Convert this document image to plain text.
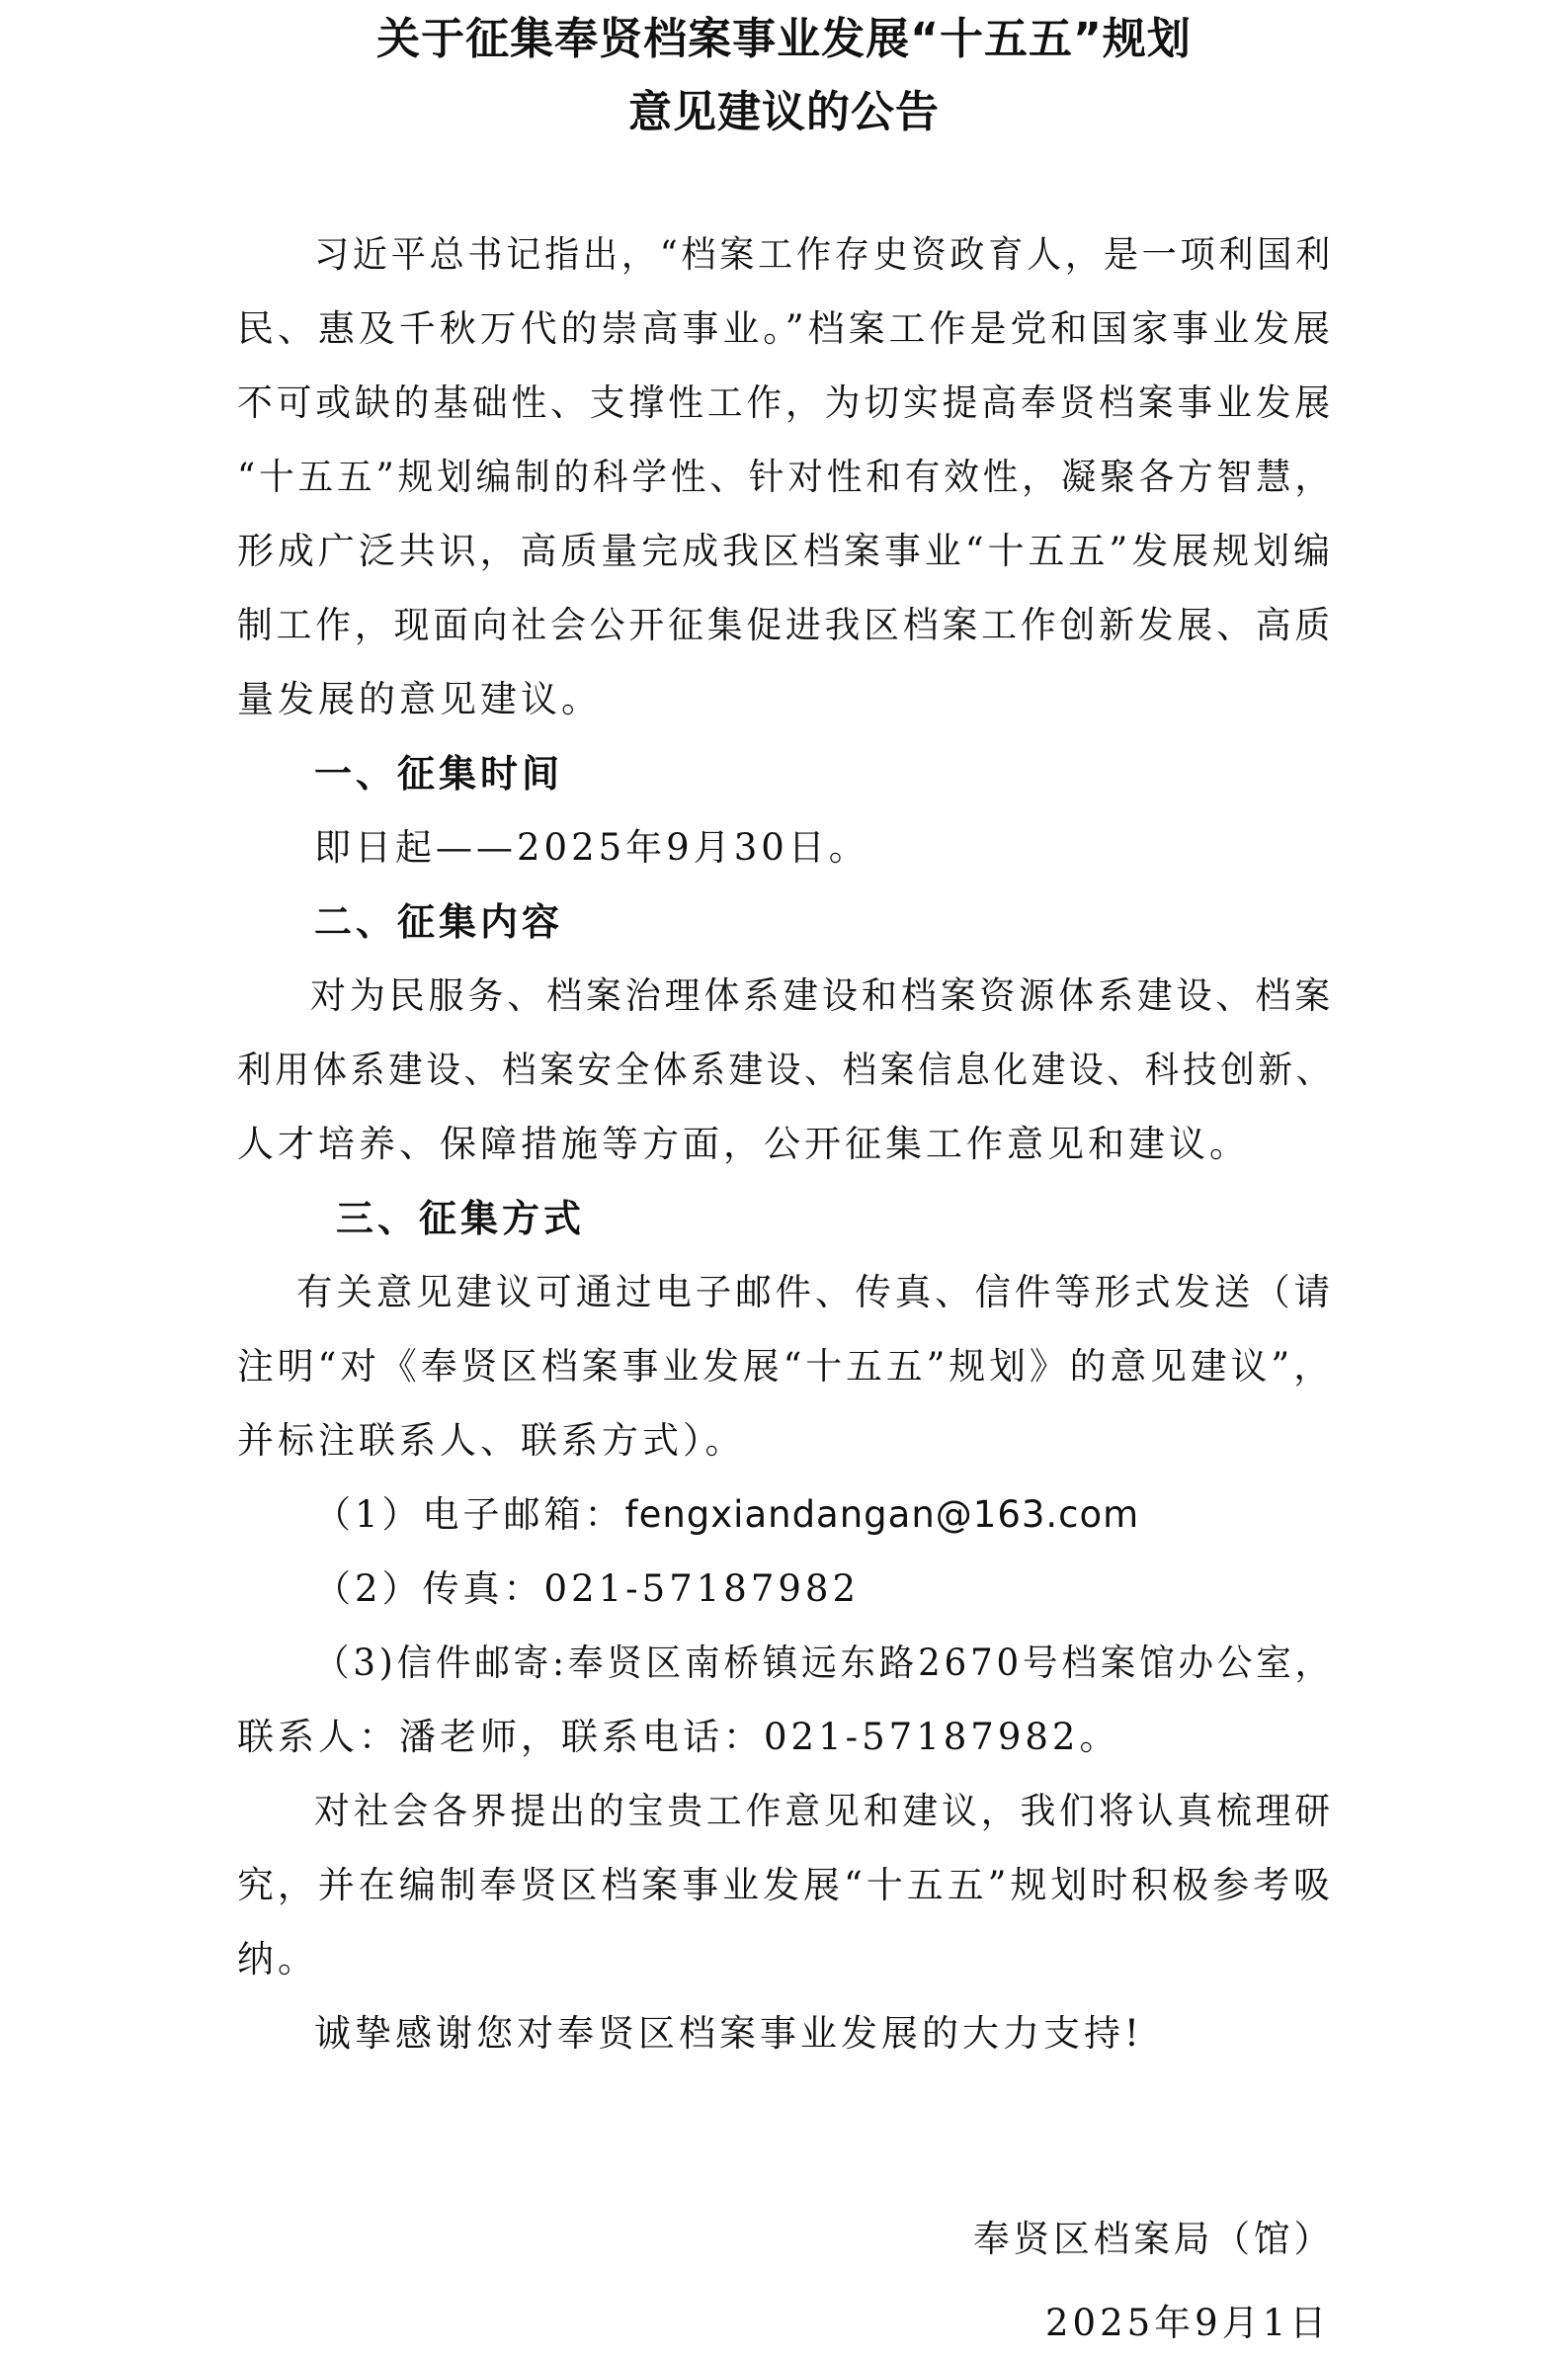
关于征集奉贤档案事业发展“十五五”规划
意见建议的公告
习近平总书记指出，“档案工作存史资政育人，是一项利国利
民、惠及千秋万代的崇高事业。”档案工作是党和国家事业发展
不可或缺的基础性、支撑性工作，为切实提高奉贤档案事业发展
“十五五”规划编制的科学性、针对性和有效性，凝聚各方智慧，
形成广泛共识，高质量完成我区档案事业“十五五”发展规划编
制工作，现面向社会公开征集促进我区档案工作创新发展、高质
量发展的意见建议。
一、征集时间
即日起——2025年9月30日。
二、征集内容
对为民服务、档案治理体系建设和档案资源体系建设、档案
利用体系建设、档案安全体系建设、档案信息化建设、科技创新、
人才培养、保障措施等方面，公开征集工作意见和建议。
三、征集方式
有关意见建议可通过电子邮件、传真、信件等形式发送（请
注明“对《奉贤区档案事业发展“十五五”规划》的意见建议”，
并标注联系人、联系方式）。
（1）电子邮箱：fengxiandangan@163.com
（2）传真：021-57187982
（3)信件邮寄:奉贤区南桥镇远东路2670号档案馆办公室，
联系人：潘老师，联系电话：021-57187982。
对社会各界提出的宝贵工作意见和建议，我们将认真梳理研
究，并在编制奉贤区档案事业发展“十五五”规划时积极参考吸
纳。
诚挚感谢您对奉贤区档案事业发展的大力支持!
奉贤区档案局（馆）
2025年9月1日
